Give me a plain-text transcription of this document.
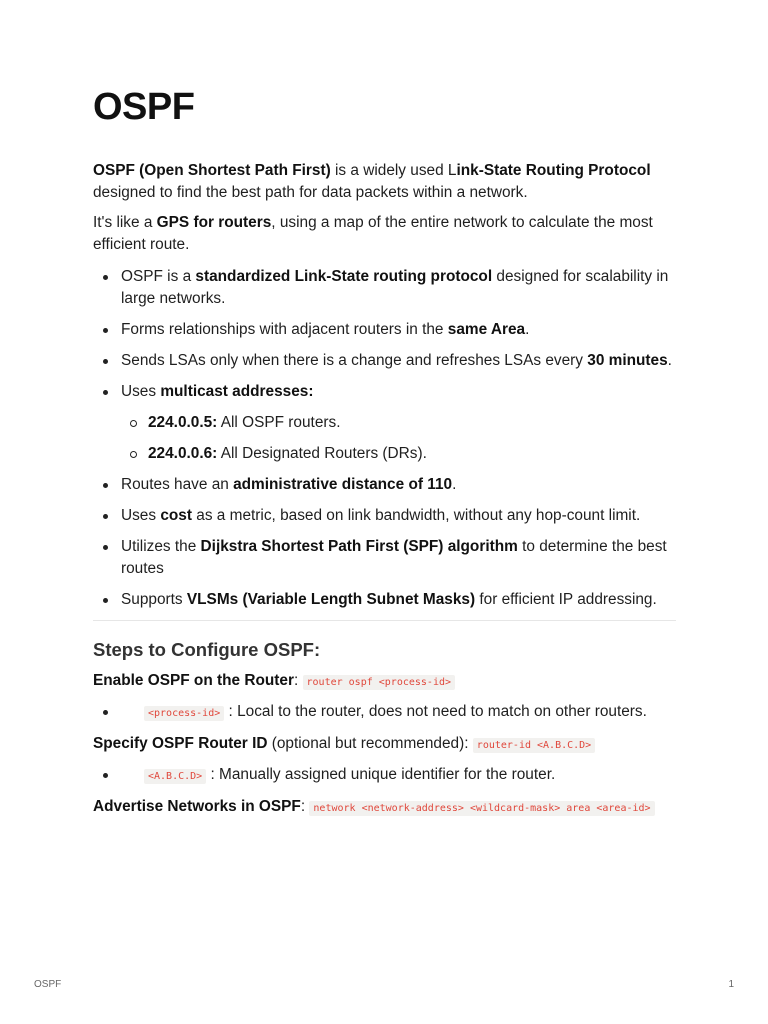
OSPF

OSPF (Open Shortest Path First) is a widely used Link-State Routing Protocol designed to find the best path for data packets within a network.

It's like a GPS for routers, using a map of the entire network to calculate the most efficient route.

OSPF is a standardized Link-State routing protocol designed for scalability in large networks.
Forms relationships with adjacent routers in the same Area.
Sends LSAs only when there is a change and refreshes LSAs every 30 minutes.
Uses multicast addresses:
224.0.0.5: All OSPF routers.
224.0.0.6: All Designated Routers (DRs).
Routes have an administrative distance of 110.
Uses cost as a metric, based on link bandwidth, without any hop-count limit.
Utilizes the Dijkstra Shortest Path First (SPF) algorithm to determine the best routes
Supports VLSMs (Variable Length Subnet Masks) for efficient IP addressing.
Steps to Configure OSPF:

Enable OSPF on the Router: router ospf <process-id>

<process-id> : Local to the router, does not need to match on other routers.

Specify OSPF Router ID (optional but recommended): router-id <A.B.C.D>

<A.B.C.D> : Manually assigned unique identifier for the router.

Advertise Networks in OSPF: network <network-address> <wildcard-mask> area <area-id>

OSPF	1
